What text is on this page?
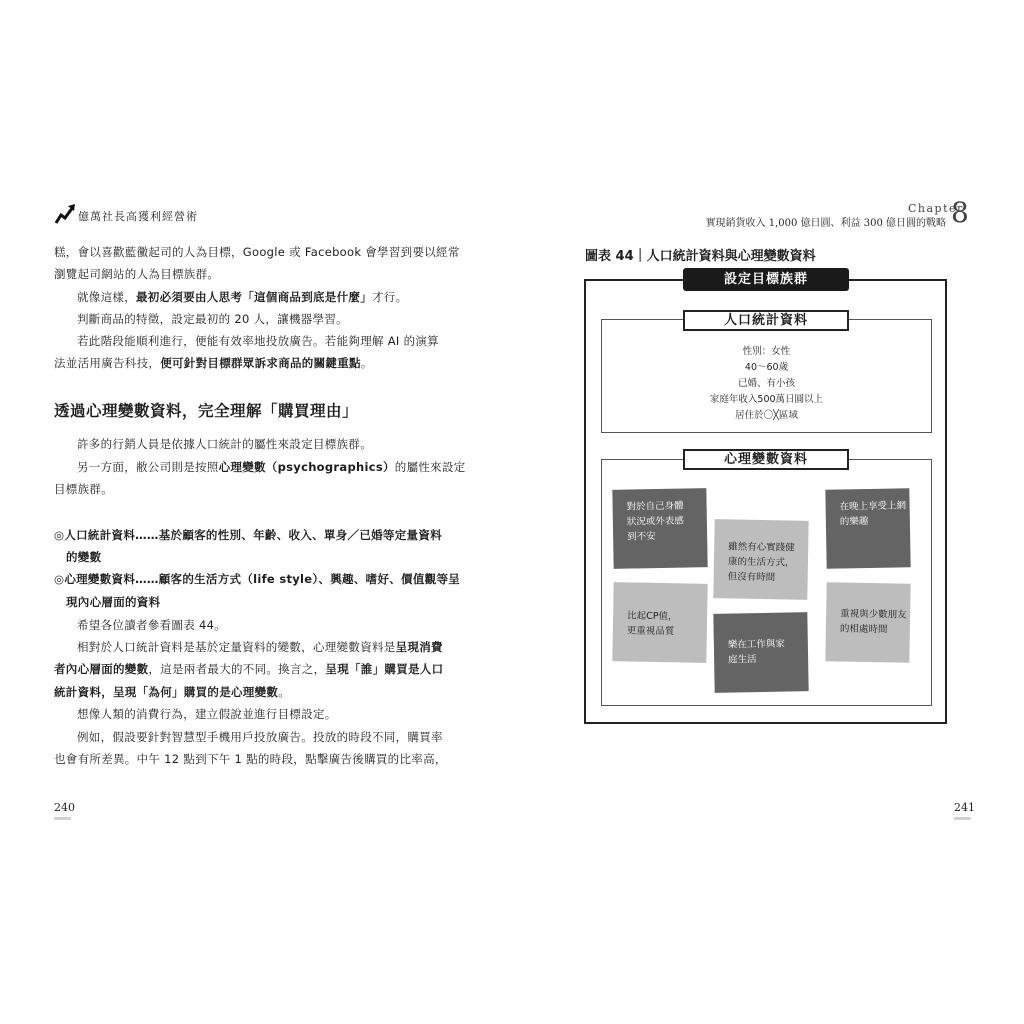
億萬社長高獲利經營術
糕，會以喜歡藍黴起司的人為目標，Google 或 Facebook 會學習到要以經常
瀏覽起司網站的人為目標族群。
就像這樣，最初必須要由人思考「這個商品到底是什麼」才行。
判斷商品的特徵，設定最初的 20 人，讓機器學習。
若此階段能順利進行，便能有效率地投放廣告。若能夠理解 AI 的演算
法並活用廣告科技，便可針對目標群眾訴求商品的關鍵重點。
透過心理變數資料，完全理解「購買理由」
許多的行銷人員是依據人口統計的屬性來設定目標族群。
另一方面，敝公司則是按照心理變數（psychographics）的屬性來設定
目標族群。
◎人口統計資料……基於顧客的性別、年齡、收入、單身／已婚等定量資料
的變數
◎心理變數資料……顧客的生活方式（life style）、興趣、嗜好、價值觀等呈
現內心層面的資料
希望各位讀者參看圖表 44。
相對於人口統計資料是基於定量資料的變數，心理變數資料是呈現消費
者內心層面的變數，這是兩者最大的不同。換言之，呈現「誰」購買是人口
統計資料，呈現「為何」購買的是心理變數。
想像人類的消費行為，建立假說並進行目標設定。
例如，假設要針對智慧型手機用戶投放廣告。投放的時段不同，購買率
也會有所差異。中午 12 點到下午 1 點的時段，點擊廣告後購買的比率高，
240
Chapter
8
實現銷貨收入 1,000 億日圓、利益 300 億日圓的戰略
圖表 44｜人口統計資料與心理變數資料
設定目標族群
人口統計資料
性別：女性
40〜60歲
已婚、有小孩
家庭年收入500萬日圓以上
居住於〇╳區域
心理變數資料
對於自己身體
狀況或外表感
到不安
雖然有心實踐健
康的生活方式，
但沒有時間
在晚上享受上網
的樂趣
比起CP值，
更重視品質
樂在工作與家
庭生活
重視與少數朋友
的相處時間
241
